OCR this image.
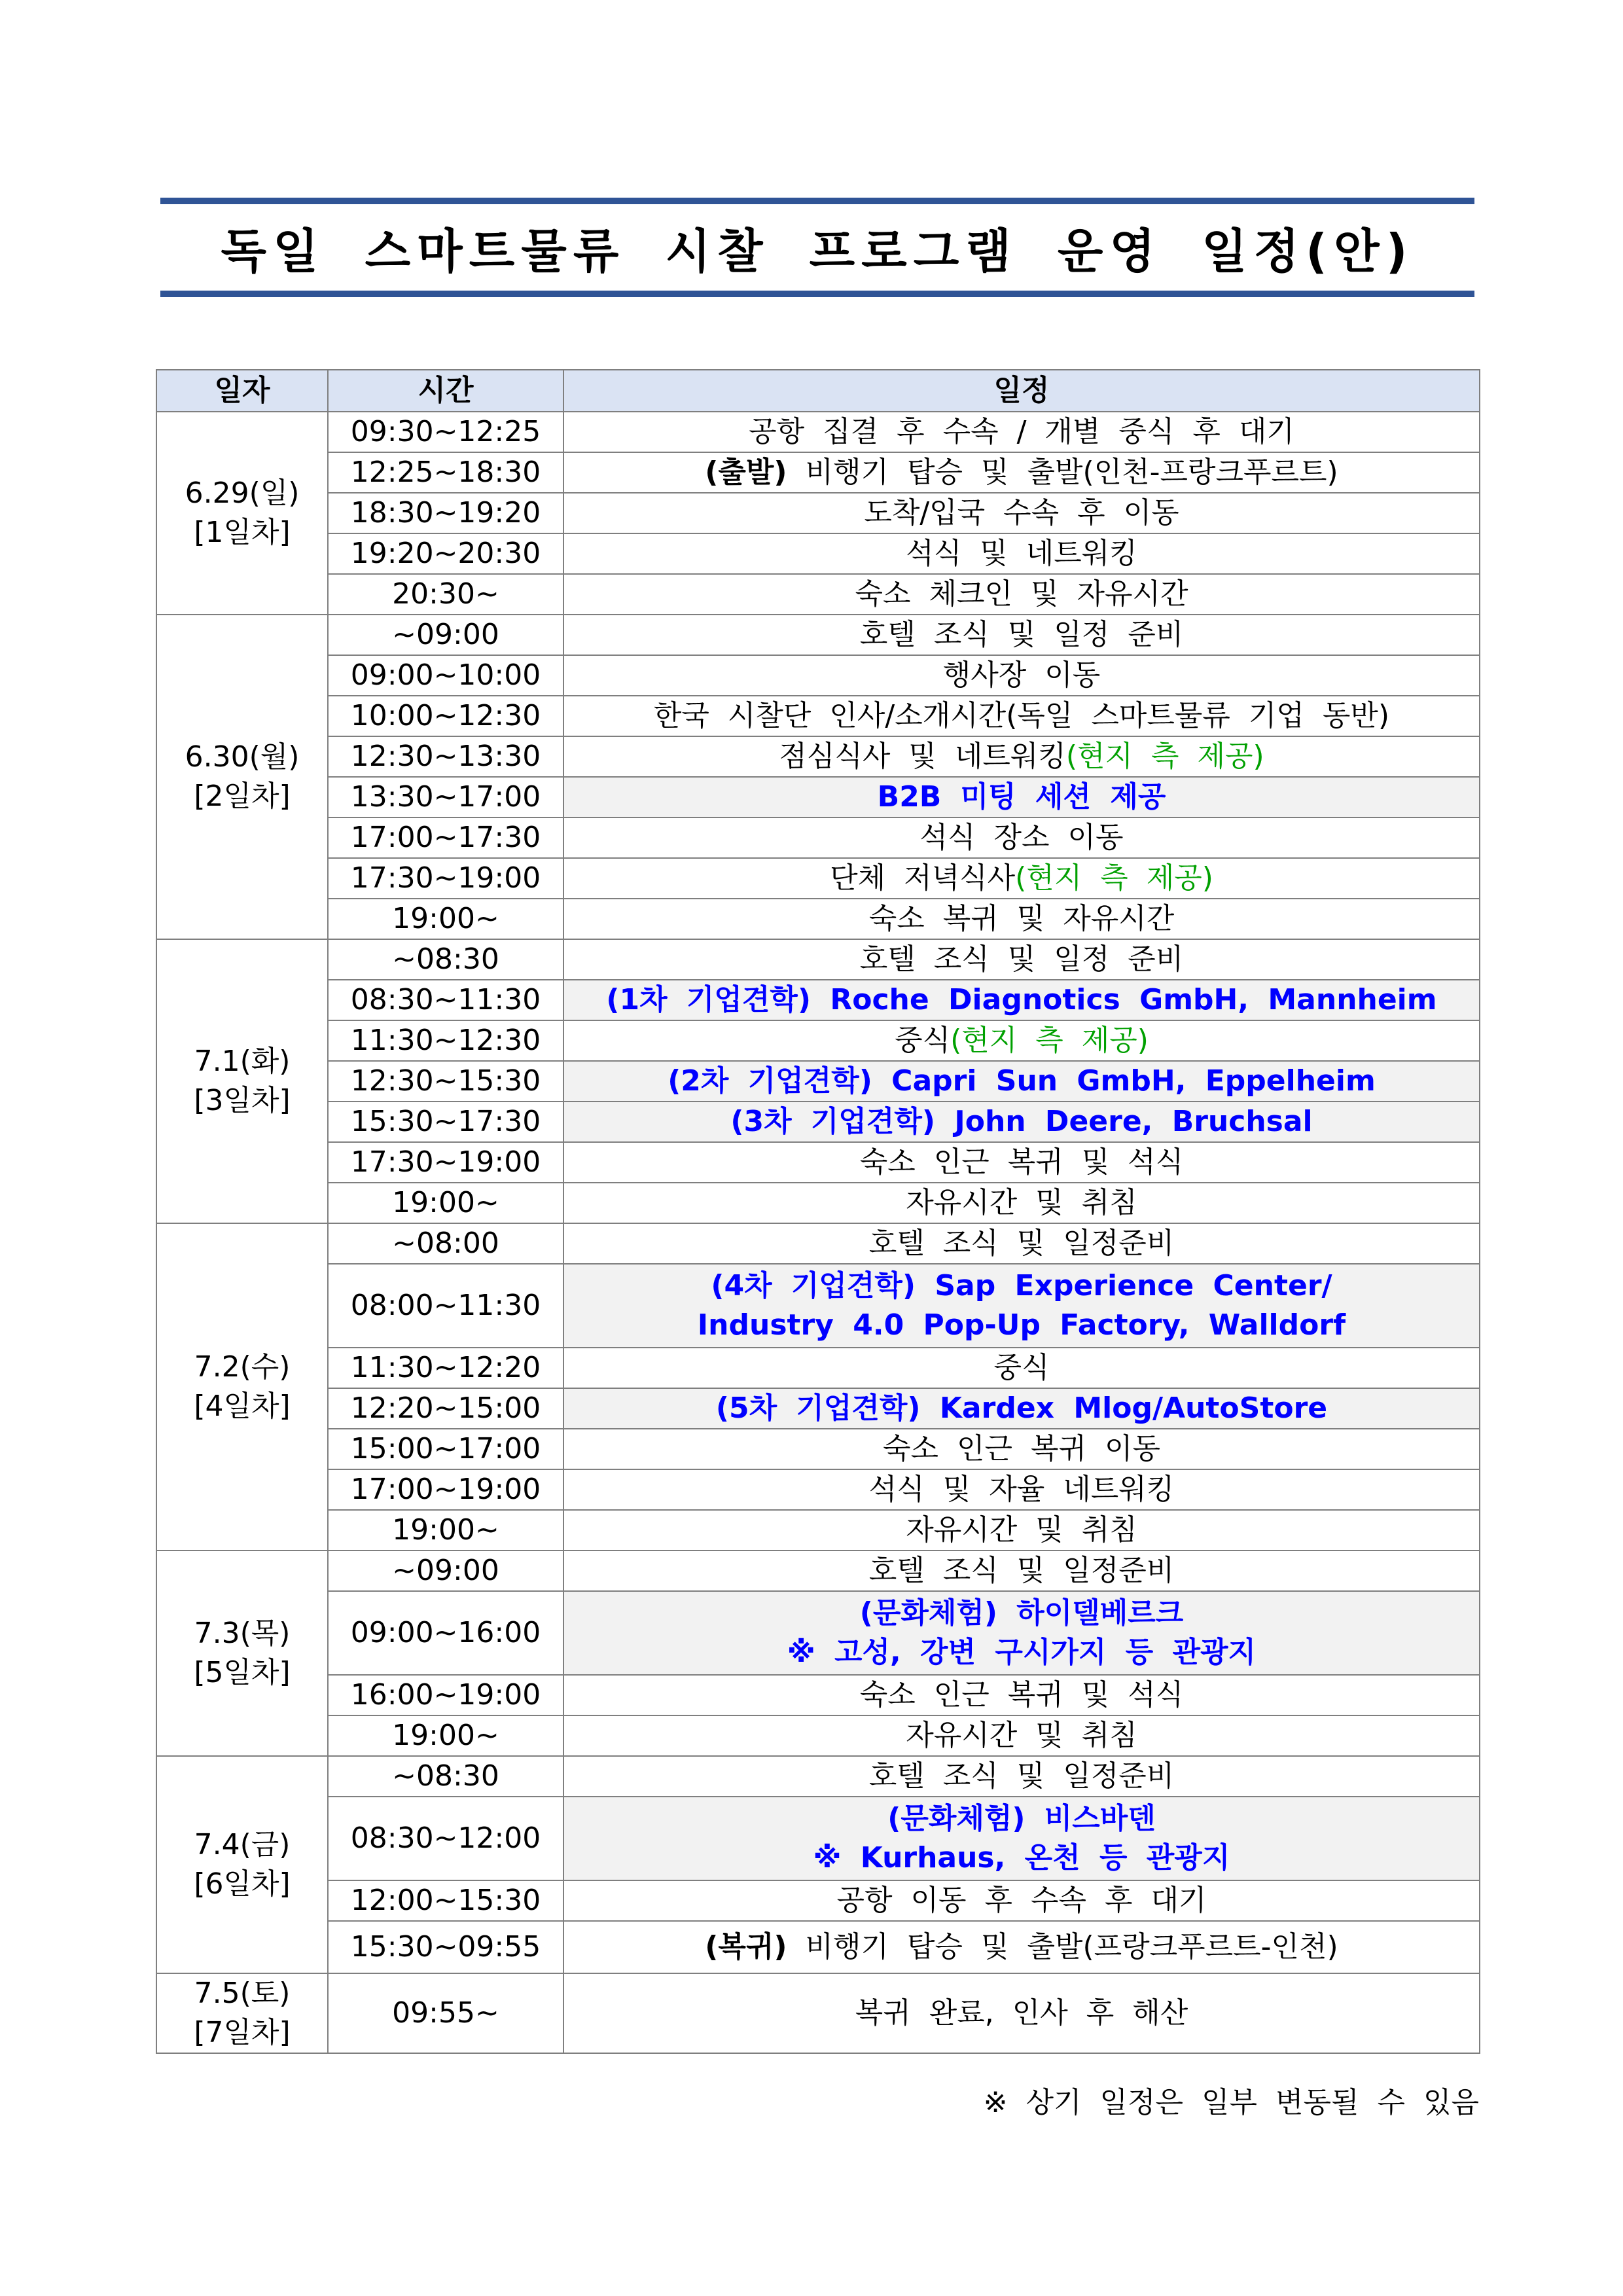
독일 스마트물류 시찰 프로그램 운영 일정(안)
일자	시간	일정

6.29(일)
[1일차]	09:30~12:25	공항 집결 후 수속 / 개별 중식 후 대기

	12:25~18:30	(출발) 비행기 탑승 및 출발(인천-프랑크푸르트)

	18:30~19:20	도착/입국 수속 후 이동

	19:20~20:30	석식 및 네트워킹

	20:30~	숙소 체크인 및 자유시간

6.30(월)
[2일차]	~09:00	호텔 조식 및 일정 준비

	09:00~10:00	행사장 이동

	10:00~12:30	한국 시찰단 인사/소개시간(독일 스마트물류 기업 동반)

	12:30~13:30	점심식사 및 네트워킹(현지 측 제공)

	13:30~17:00	B2B 미팅 세션 제공

	17:00~17:30	석식 장소 이동

	17:30~19:00	단체 저녁식사(현지 측 제공)

	19:00~	숙소 복귀 및 자유시간

7.1(화)
[3일차]	~08:30	호텔 조식 및 일정 준비

	08:30~11:30	(1차 기업견학) Roche Diagnotics GmbH, Mannheim

	11:30~12:30	중식(현지 측 제공)

	12:30~15:30	(2차 기업견학) Capri Sun GmbH, Eppelheim

	15:30~17:30	(3차 기업견학) John Deere, Bruchsal

	17:30~19:00	숙소 인근 복귀 및 석식

	19:00~	자유시간 및 취침

7.2(수)
[4일차]	~08:00	호텔 조식 및 일정준비

	08:00~11:30	(4차 기업견학) Sap Experience Center/
Industry 4.0 Pop-Up Factory, Walldorf

	11:30~12:20	중식

	12:20~15:00	(5차 기업견학) Kardex Mlog/AutoStore

	15:00~17:00	숙소 인근 복귀 이동

	17:00~19:00	석식 및 자율 네트워킹

	19:00~	자유시간 및 취침

7.3(목)
[5일차]	~09:00	호텔 조식 및 일정준비

	09:00~16:00	(문화체험) 하이델베르크
※ 고성, 강변 구시가지 등 관광지

	16:00~19:00	숙소 인근 복귀 및 석식

	19:00~	자유시간 및 취침

7.4(금)
[6일차]	~08:30	호텔 조식 및 일정준비

	08:30~12:00	(문화체험) 비스바덴
※ Kurhaus, 온천 등 관광지

	12:00~15:30	공항 이동 후 수속 후 대기

	15:30~09:55	(복귀) 비행기 탑승 및 출발(프랑크푸르트-인천)

7.5(토)
[7일차]	09:55~	복귀 완료, 인사 후 해산
※ 상기 일정은 일부 변동될 수 있음
